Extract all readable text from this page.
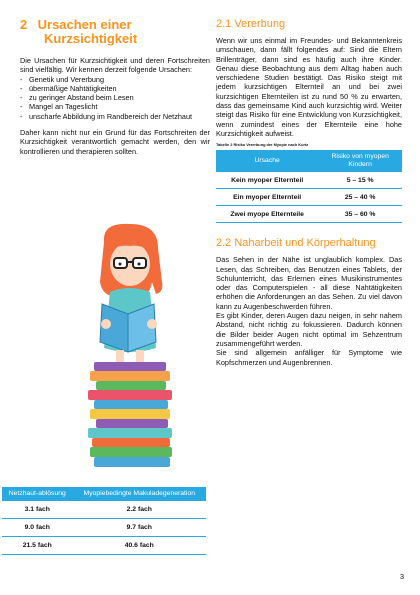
2 Ursachen einer
Kurzsichtigkeit

Die Ursachen für Kurzsichtigkeit und deren Fortschreiten sind vielfältig. Wir kennen derzeit folgende Ursachen:

- Genetik und Vererbung
- übermäßige Nahtätigkeiten
- zu geringer Abstand beim Lesen
- Mangel an Tageslicht
- unscharfe Abbildung im Randbereich der Netzhaut

Daher kann nicht nur ein Grund für das Fortschreiten der Kurzsichtigkeit verantwortlich gemacht werden, den wir kontrollieren und therapieren sollten.

Netzhaut-ablösung	Myopiebedingte Makuladegeneration
3.1 fach	2.2 fach
9.0 fach	9.7 fach
21.5 fach	40.6 fach
2.1 Vererbung

Wenn wir uns einmal im Freundes- und Bekanntenkreis umschauen, dann fällt folgendes auf: Sind die Eltern Brillenträger, dann sind es häufig auch ihre Kinder. Genau diese Beobachtung aus dem Alltag haben auch verschiedene Studien bestätigt. Das Risiko steigt mit jedem kurzsichtigen Elternteil an und bei zwei kurzsichtigen Elternteilen ist zu rund 50 % zu erwarten, dass das gemeinsame Kind auch kurzsichtig wird. Weiter steigt das Risiko für eine Entwicklung von Kurzsichtigkeit, wenn zumindest eines der Elternteile eine hohe Kurzsichtigkeit aufweist.

Tabelle 2 Risiko Vererbung der Myopie nach Kurtz
Ursache	Risiko von myopen Kindern
Kein myoper Elternteil	5 – 15 %
Ein myoper Elternteil	25 – 40 %
Zwei myope Elternteile	35 – 60 %
2.2 Naharbeit und Körperhaltung

Das Sehen in der Nähe ist unglaublich komplex. Das Lesen, das Schreiben, das Benutzen eines Tablets, der Schulunterricht, das Erlernen eines Musikinstrumentes oder das Computerspielen - all diese Nahtätigkeiten erhöhen die Anforderungen an das Sehen. Zu viel davon kann zu Augenbeschwerden führen.

Es gibt Kinder, deren Augen dazu neigen, in sehr nahem Abstand, nicht richtig zu fokussieren. Dadurch können die Bilder beider Augen nicht optimal im Sehzentrum zusammengeführt werden.

Sie sind allgemein anfälliger für Symptome wie Kopfschmerzen und Augenbrennen.

3
